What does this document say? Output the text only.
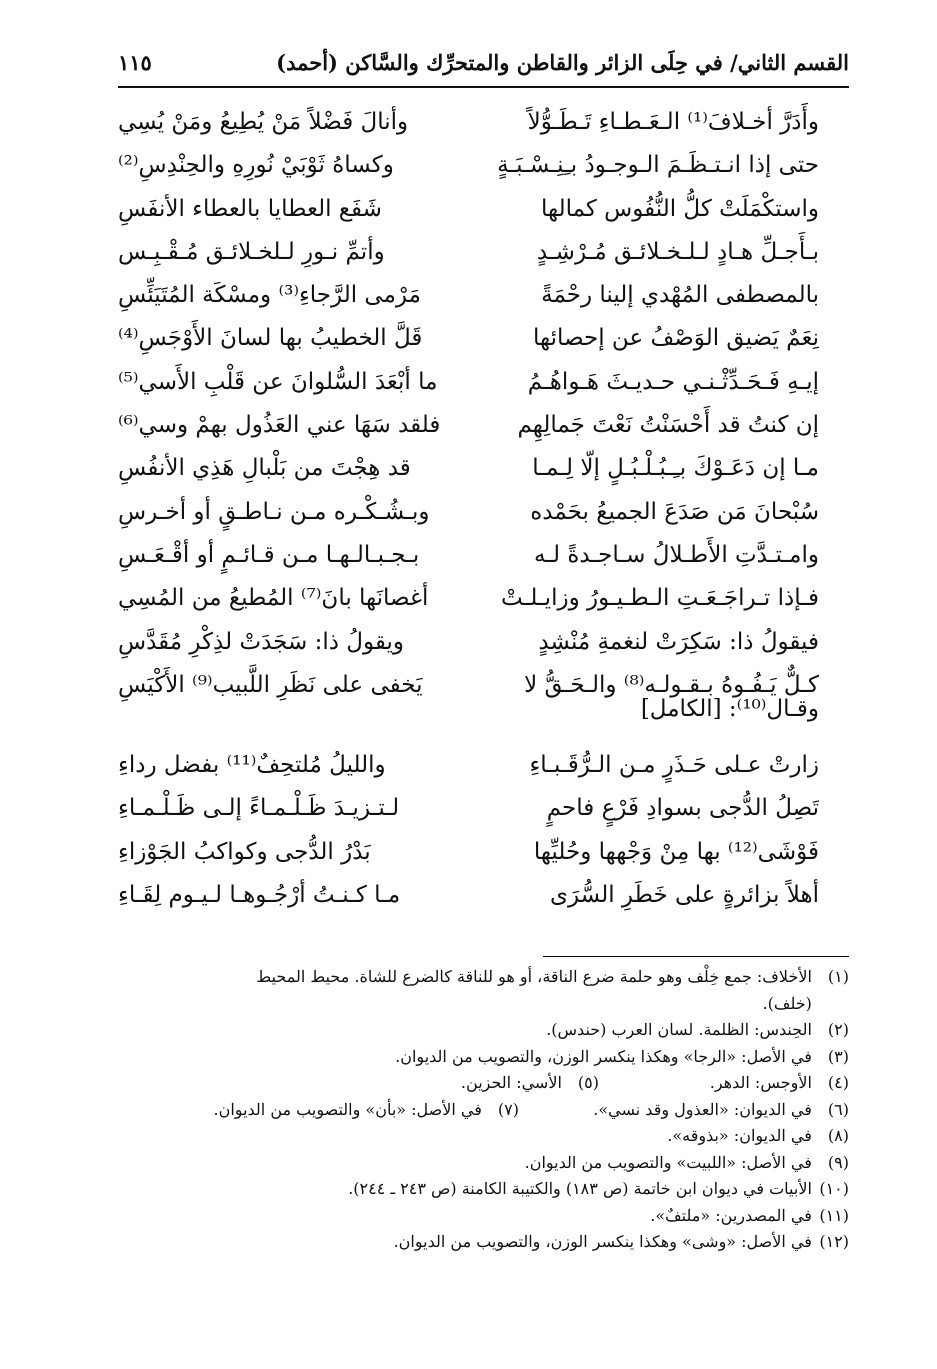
القسم الثاني/ في حِلَى الزائر والقاطن والمتحرِّك والسَّاكن (أحمد)
١١٥
وأَدَرَّ أخـلافَ⁽¹⁾ الـعَـطـاءِ تَـطَـوُّلاً
حتى إذا انـتـظَـمَ الـوجـودُ بـِنِـسْـبَـةٍ
واستكْمَلَتْ كلُّ النُّفُوس كمالها
بـأَجـلِّ هـادٍ لـلـخـلائـق مُـرْشِـدٍ
بالمصطفى المُهْدي إلينا رحْمَةً
نِعَمٌ يَضيق الوَصْفُ عن إحصائها
إيـهِ فَـحَـدِّثْـنـي حـديـثَ هَـواهُـمُ
إن كنتُ قد أَحْسَنْتُ نَعْتَ جَمالِهِم
مـا إن دَعَـوْكَ بـِـبُـلْـبُـلٍ إلّا لِـمـا
سُبْحانَ مَن صَدَعَ الجميعُ بحَمْده
وامـتـدَّتِ الأَطـلالُ سـاجـدةً لـه
فـإذا تـراجَـعَـتِ الـطـيـورُ وزايـلـتْ
فيقولُ ذا: سَكِرَتْ لنغمةِ مُنْشِدٍ
كـلٌّ يَـفُـوهُ بـقـولـه⁽⁸⁾ والـحَـقُّ لا
وأنالَ فَضْلاً مَنْ يُطِيعُ ومَنْ يُسِي
وكساهُ ثَوْبَيْ نُورِهِ والحِنْدِسِ⁽²⁾
شَفَع العطايا بالعطاء الأنفَسِ
وأتمِّ نـورِ لـلخـلائـق مُـقْـبِـس
مَرْمى الرَّجاءِ⁽³⁾ ومسْكَة المُتَيَئِّسِ
قَلَّ الخطيبُ بها لسانَ الأَوْجَسِ⁽⁴⁾
ما أبْعَدَ السُّلوانَ عن قَلْبِ الأَسي⁽⁵⁾
فلقد سَهَا عني العَذُول بهمْ وسي⁽⁶⁾
قد هِجْتَ من بَلْبالِ هَذِي الأنفُسِ
وبـشُـكْـره مـن نـاطـقٍ أو أخـرسِ
بـجـبـالـهـا مـن قـائـمٍ أو أقْـعَـسِ
أغصانَها بانَ⁽⁷⁾ المُطيعُ من المُسِي
ويقولُ ذا: سَجَدَتْ لذِكْرِ مُقَدَّسِ
يَخفى على نَظَرِ اللَّبيب⁽⁹⁾ الأَكْيَسِ
وقـال⁽¹⁰⁾: [الكامل]
زارتْ عـلى حَـذَرٍ مـن الـرُّقَـبـاءِ
تَصِلُ الدُّجى بسوادِ فَرْعٍ فاحمٍ
فَوْشَى⁽¹²⁾ بها مِنْ وَجْهها وحُليِّها
أهلاً بزائرةٍ على خَطَرِ السُّرَى
والليلُ مُلتحِفٌ⁽¹¹⁾ بفضل رداءِ
لـتـزيـدَ ظَـلْـمـاءً إلـى ظَـلْـمـاءِ
بَدْرُ الدُّجى وكواكبُ الجَوْزاءِ
مـا كـنـتُ أرْجُـوهـا لـيـوم لِقَـاءِ
(١) الأخلاف: جمع خِلْف وهو حلمة ضرع الناقة، أو هو للناقة كالضرع للشاة. محيط المحيط
(خلف).
(٢) الحِندس: الظلمة. لسان العرب (حندس).
(٣) في الأصل: «الرجا» وهكذا ينكسر الوزن، والتصويب من الديوان.
(٤) الأوجس: الدهر.
(٥) الأسي: الحزين.
(٦) في الديوان: «العذول وقد نسي».
(٧) في الأصل: «بأن» والتصويب من الديوان.
(٨) في الديوان: «بذوقه».
(٩) في الأصل: «اللبيت» والتصويب من الديوان.
(١٠) الأبيات في ديوان ابن خاتمة (ص ١٨٣) والكتيبة الكامنة (ص ٢٤٣ ـ ٢٤٤).
(١١) في المصدرين: «ملتفٌ».
(١٢) في الأصل: «وشى» وهكذا ينكسر الوزن، والتصويب من الديوان.
